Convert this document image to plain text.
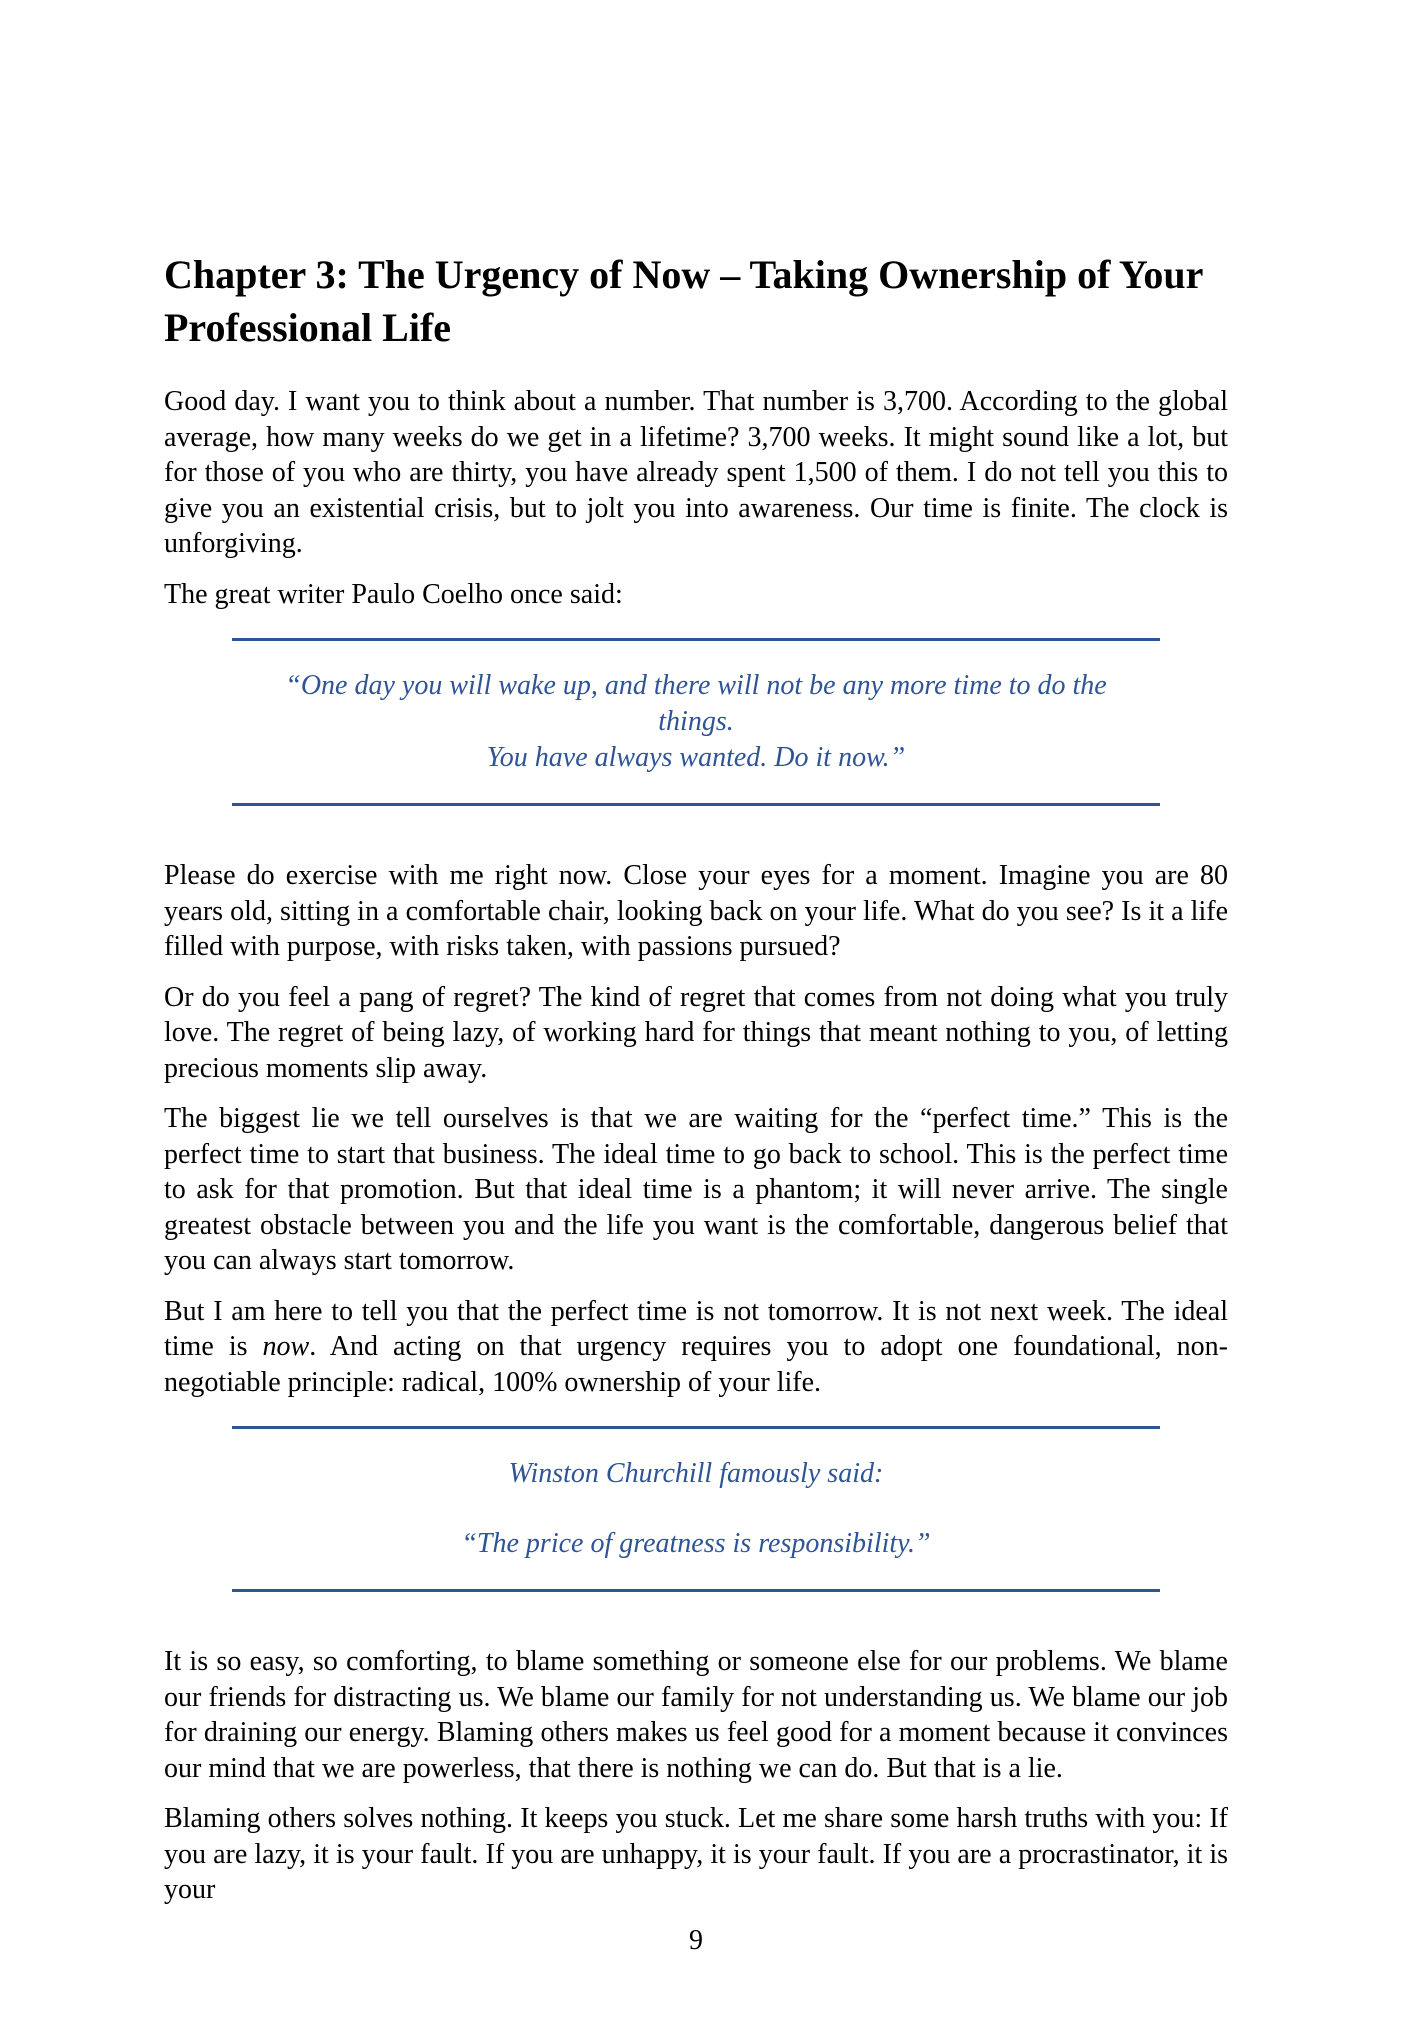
Chapter 3: The Urgency of Now – Taking Ownership of Your
Professional Life

Good day. I want you to think about a number. That number is 3,700. According to the global average, how many weeks do we get in a lifetime? 3,700 weeks. It might sound like a lot, but for those of you who are thirty, you have already spent 1,500 of them. I do not tell you this to give you an existential crisis, but to jolt you into awareness. Our time is finite. The clock is unforgiving.

The great writer Paulo Coelho once said:

“One day you will wake up, and there will not be any more time to do the things.
You have always wanted. Do it now.”

Please do exercise with me right now. Close your eyes for a moment. Imagine you are 80 years old, sitting in a comfortable chair, looking back on your life. What do you see? Is it a life filled with purpose, with risks taken, with passions pursued?

Or do you feel a pang of regret? The kind of regret that comes from not doing what you truly love. The regret of being lazy, of working hard for things that meant nothing to you, of letting precious moments slip away.

The biggest lie we tell ourselves is that we are waiting for the “perfect time.” This is the perfect time to start that business. The ideal time to go back to school. This is the perfect time to ask for that promotion. But that ideal time is a phantom; it will never arrive. The single greatest obstacle between you and the life you want is the comfortable, dangerous belief that you can always start tomorrow.

But I am here to tell you that the perfect time is not tomorrow. It is not next week. The ideal time is now. And acting on that urgency requires you to adopt one foundational, non-negotiable principle: radical, 100% ownership of your life.

Winston Churchill famously said:
“The price of greatness is responsibility.”

It is so easy, so comforting, to blame something or someone else for our problems. We blame our friends for distracting us. We blame our family for not understanding us. We blame our job for draining our energy. Blaming others makes us feel good for a moment because it convinces our mind that we are powerless, that there is nothing we can do. But that is a lie.

Blaming others solves nothing. It keeps you stuck. Let me share some harsh truths with you: If you are lazy, it is your fault. If you are unhappy, it is your fault. If you are a procrastinator, it is your

9
